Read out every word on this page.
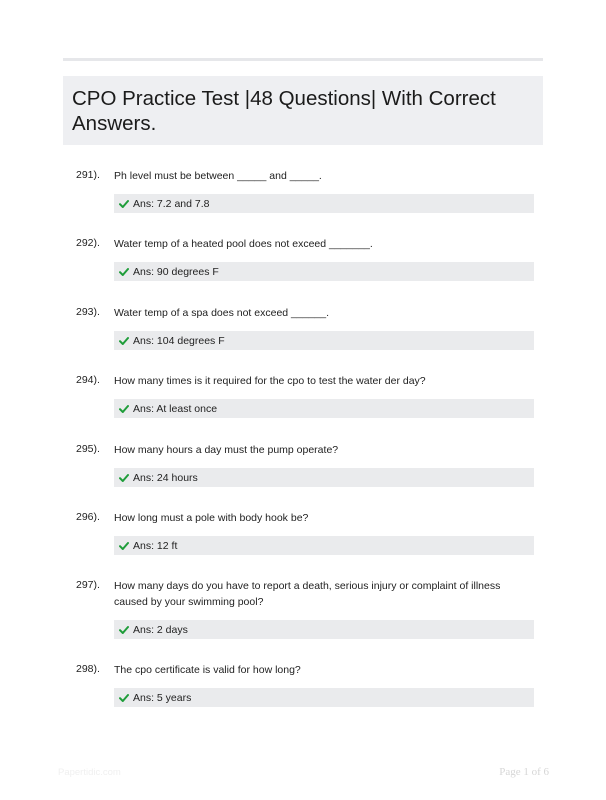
CPO Practice Test |48 Questions| With Correct Answers.
291). Ph level must be between _____ and _____.
Ans: 7.2 and 7.8
292). Water temp of a heated pool does not exceed _______.
Ans: 90 degrees F
293). Water temp of a spa does not exceed ______.
Ans: 104 degrees F
294). How many times is it required for the cpo to test the water der day?
Ans: At least once
295). How many hours a day must the pump operate?
Ans: 24 hours
296). How long must a pole with body hook be?
Ans: 12 ft
297). How many days do you have to report a death, serious injury or complaint of illness caused by your swimming pool?
Ans: 2 days
298). The cpo certificate is valid for how long?
Ans: 5 years
Papertidic.com	Page 1 of 6
